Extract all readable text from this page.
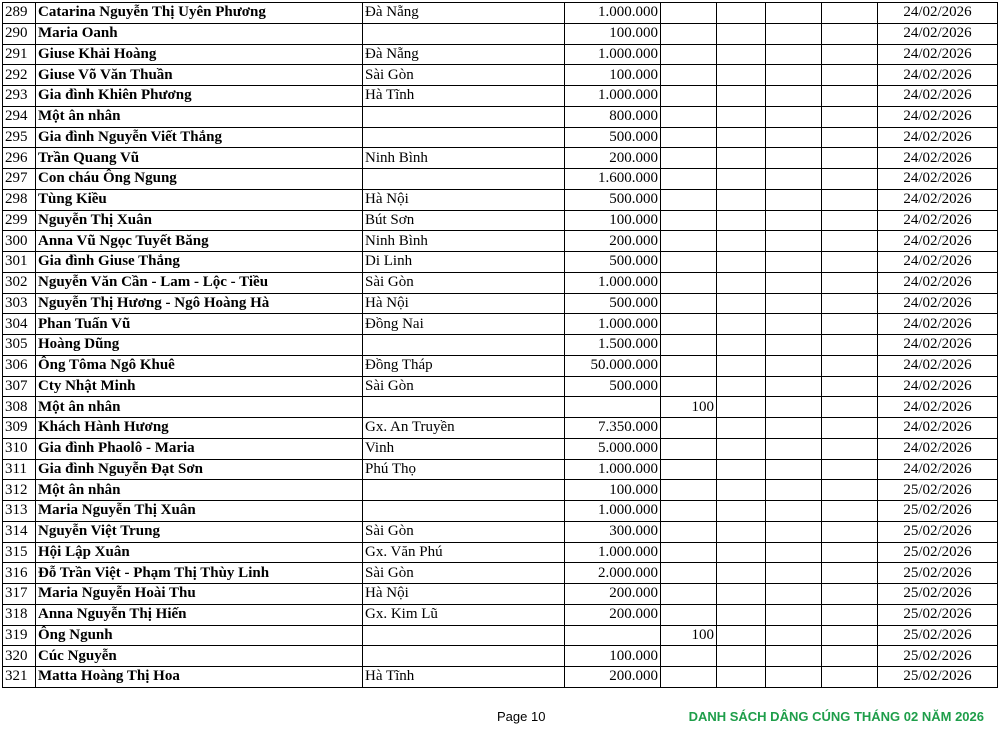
289	Catarina Nguyễn Thị Uyên Phương	Đà Nẵng	1.000.000					24/02/2026
290	Maria Oanh		100.000					24/02/2026
291	Giuse Khải Hoàng	Đà Nẵng	1.000.000					24/02/2026
292	Giuse Võ Văn Thuần	Sài Gòn	100.000					24/02/2026
293	Gia đình Khiên Phương	Hà Tĩnh	1.000.000					24/02/2026
294	Một ân nhân		800.000					24/02/2026
295	Gia đình Nguyễn Viết Thắng		500.000					24/02/2026
296	Trần Quang Vũ	Ninh Bình	200.000					24/02/2026
297	Con cháu Ông Ngung		1.600.000					24/02/2026
298	Tùng Kiều	Hà Nội	500.000					24/02/2026
299	Nguyễn Thị Xuân	Bút Sơn	100.000					24/02/2026
300	Anna Vũ Ngọc Tuyết Băng	Ninh Bình	200.000					24/02/2026
301	Gia đình Giuse Thắng	Di Linh	500.000					24/02/2026
302	Nguyễn Văn Cần - Lam - Lộc - Tiều	Sài Gòn	1.000.000					24/02/2026
303	Nguyễn Thị Hương - Ngô Hoàng Hà	Hà Nội	500.000					24/02/2026
304	Phan Tuấn Vũ	Đồng Nai	1.000.000					24/02/2026
305	Hoàng Dũng		1.500.000					24/02/2026
306	Ông Tôma Ngô Khuê	Đồng Tháp	50.000.000					24/02/2026
307	Cty Nhật Minh	Sài Gòn	500.000					24/02/2026
308	Một ân nhân			100				24/02/2026
309	Khách Hành Hương	Gx. An Truyền	7.350.000					24/02/2026
310	Gia đình Phaolô - Maria	Vinh	5.000.000					24/02/2026
311	Gia đình Nguyễn Đạt Sơn	Phú Thọ	1.000.000					24/02/2026
312	Một ân nhân		100.000					25/02/2026
313	Maria Nguyễn Thị Xuân		1.000.000					25/02/2026
314	Nguyễn Việt Trung	Sài Gòn	300.000					25/02/2026
315	Hội Lập Xuân	Gx. Văn Phú	1.000.000					25/02/2026
316	Đỗ Trần Việt - Phạm Thị Thùy Linh	Sài Gòn	2.000.000					25/02/2026
317	Maria Nguyễn Hoài Thu	Hà Nội	200.000					25/02/2026
318	Anna Nguyễn Thị Hiến	Gx. Kim Lũ	200.000					25/02/2026
319	Ông Ngunh			100				25/02/2026
320	Cúc Nguyễn		100.000					25/02/2026
321	Matta Hoàng Thị Hoa	Hà Tĩnh	200.000					25/02/2026
Page 10	DANH SÁCH DÂNG CÚNG THÁNG 02 NĂM 2026
